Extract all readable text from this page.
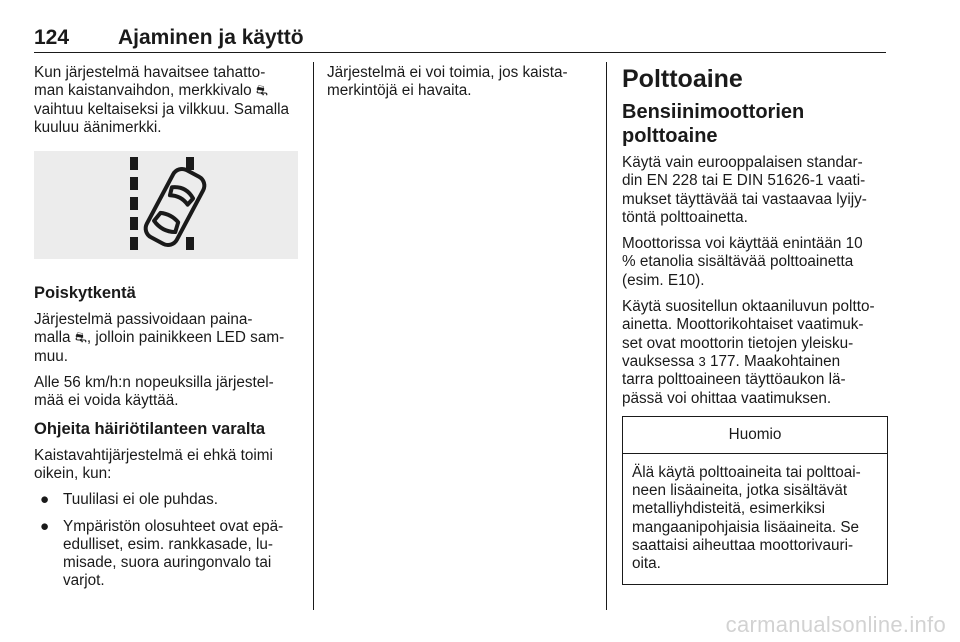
124 Ajaminen ja käyttö

Kun järjestelmä havaitsee tahatto-
man kaistanvaihdon, merkkivalo ⛐
vaihtuu keltaiseksi ja vilkkuu. Samalla
kuuluu äänimerkki.

Poiskytkentä

Järjestelmä passivoidaan paina-
malla ⛐, jolloin painikkeen LED sam-
muu.

Alle 56 km/h:n nopeuksilla järjestel-
mää ei voida käyttää.

Ohjeita häiriötilanteen varalta

Kaistavahtijärjestelmä ei ehkä toimi
oikein, kun:

● Tuulilasi ei ole puhdas.
● Ympäristön olosuhteet ovat epä-
edulliset, esim. rankkasade, lu-
misade, suora auringonvalo tai
varjot.

Järjestelmä ei voi toimia, jos kaista-
merkintöjä ei havaita.	Polttoaine
Bensiinimoottorien
polttoaine

Käytä vain eurooppalaisen standar-
din EN 228 tai E DIN 51626-1 vaati-
mukset täyttävää tai vastaavaa lyijy-
töntä polttoainetta.

Moottorissa voi käyttää enintään 10
% etanolia sisältävää polttoainetta
(esim. E10).

Käytä suositellun oktaaniluvun poltto-
ainetta. Moottorikohtaiset vaatimuk-
set ovat moottorin tietojen yleisku-
vauksessa 3 177. Maakohtainen
tarra polttoaineen täyttöaukon lä-
pässä voi ohittaa vaatimuksen.

Huomio
Älä käytä polttoaineita tai polttoai-
neen lisäaineita, jotka sisältävät
metalliyhdisteitä, esimerkiksi
mangaanipohjaisia lisäaineita. Se
saattaisi aiheuttaa moottorivauri-
oita.
carmanualsonline.info
